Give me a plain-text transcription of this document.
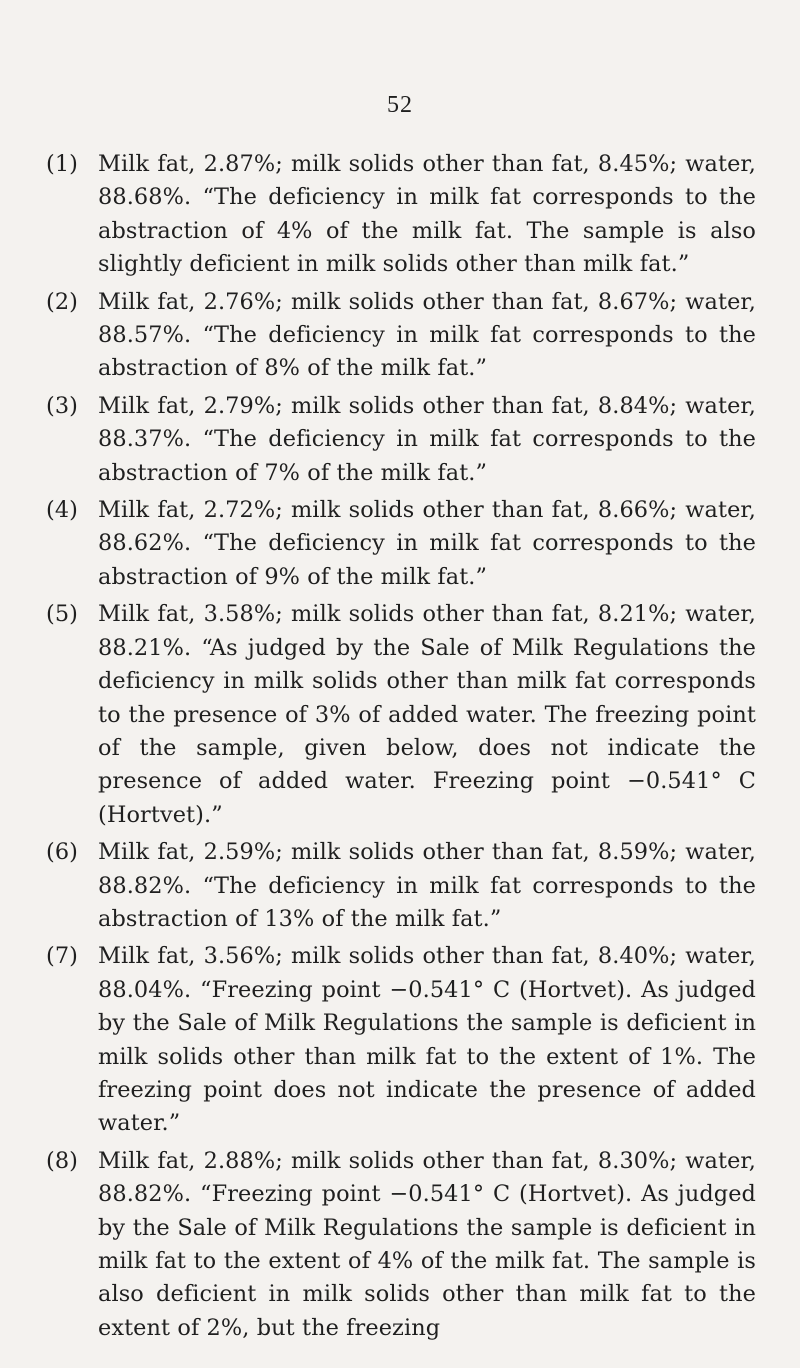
52
(1) Milk fat, 2.87%; milk solids other than fat, 8.45%; water, 88.68%. “The deficiency in milk fat corresponds to the abstraction of 4% of the milk fat. The sample is also slightly deficient in milk solids other than milk fat.”
(2) Milk fat, 2.76%; milk solids other than fat, 8.67%; water, 88.57%. “The deficiency in milk fat corresponds to the abstraction of 8% of the milk fat.”
(3) Milk fat, 2.79%; milk solids other than fat, 8.84%; water, 88.37%. “The deficiency in milk fat corresponds to the abstraction of 7% of the milk fat.”
(4) Milk fat, 2.72%; milk solids other than fat, 8.66%; water, 88.62%. “The deficiency in milk fat corresponds to the abstraction of 9% of the milk fat.”
(5) Milk fat, 3.58%; milk solids other than fat, 8.21%; water, 88.21%. “As judged by the Sale of Milk Regulations the deficiency in milk solids other than milk fat corresponds to the presence of 3% of added water. The freezing point of the sample, given below, does not indicate the presence of added water. Freezing point −0.541° C (Hortvet).”
(6) Milk fat, 2.59%; milk solids other than fat, 8.59%; water, 88.82%. “The deficiency in milk fat corresponds to the abstraction of 13% of the milk fat.”
(7) Milk fat, 3.56%; milk solids other than fat, 8.40%; water, 88.04%. “Freezing point −0.541° C (Hortvet). As judged by the Sale of Milk Regulations the sample is deficient in milk solids other than milk fat to the extent of 1%. The freezing point does not indicate the presence of added water.”
(8) Milk fat, 2.88%; milk solids other than fat, 8.30%; water, 88.82%. “Freezing point −0.541° C (Hortvet). As judged by the Sale of Milk Regulations the sample is deficient in milk fat to the extent of 4% of the milk fat. The sample is also deficient in milk solids other than milk fat to the extent of 2%, but the freezing
